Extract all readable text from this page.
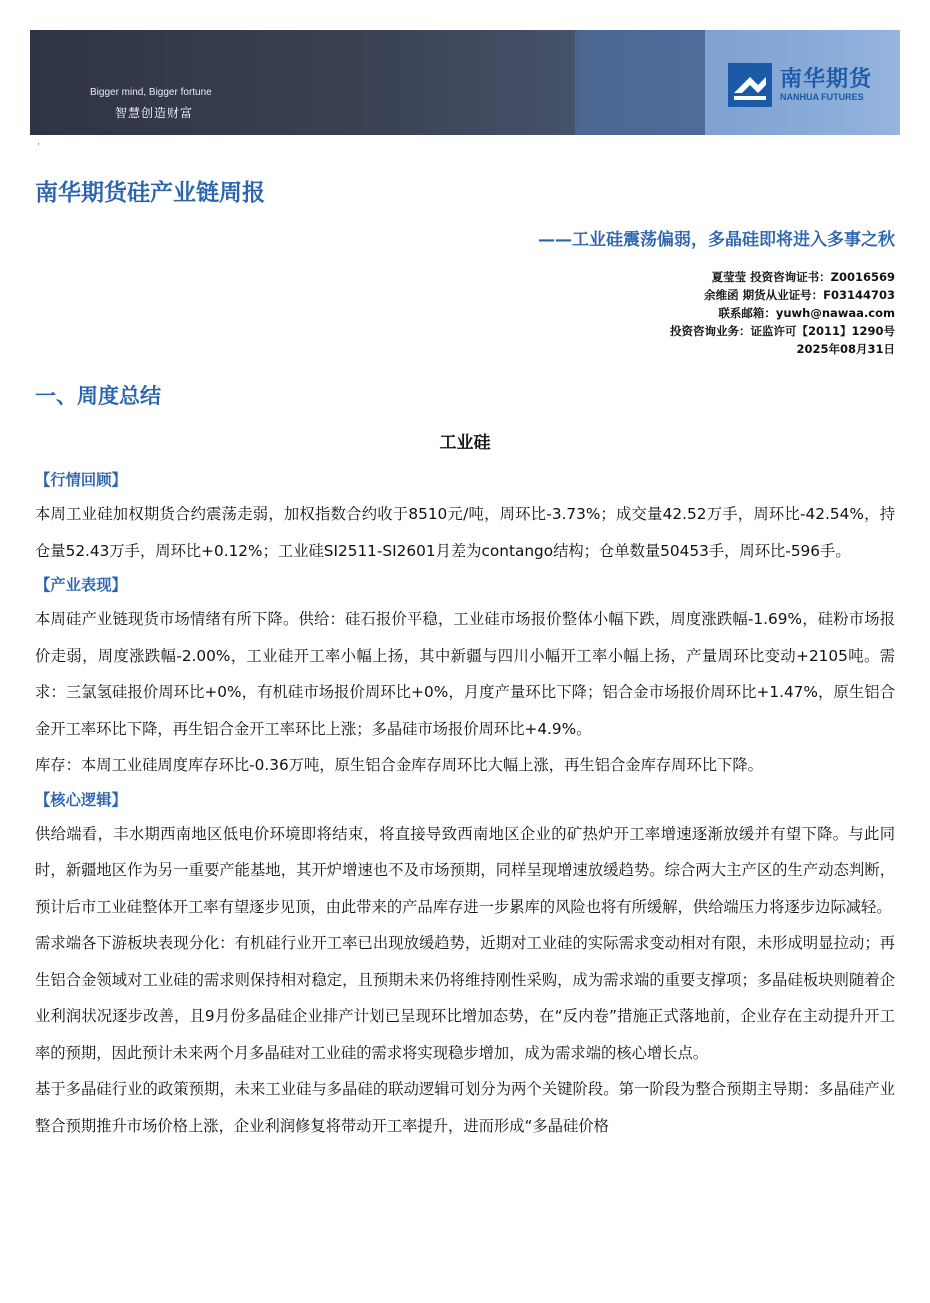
Bigger mind, Bigger fortune
智慧创造财富
南华期货
NANHUA FUTURES
·
南华期货硅产业链周报
——工业硅震荡偏弱，多晶硅即将进入多事之秋
夏莹莹 投资咨询证书：Z0016569
余维函 期货从业证号：F03144703
联系邮箱：yuwh@nawaa.com
投资咨询业务：证监许可【2011】1290号
2025年08月31日
一、周度总结
工业硅
【行情回顾】

本周工业硅加权期货合约震荡走弱，加权指数合约收于8510元/吨，周环比-3.73%；成交量42.52万手，周环比-42.54%，持仓量52.43万手，周环比+0.12%；工业硅SI2511-SI2601月差为contango结构；仓单数量50453手，周环比-596手。

【产业表现】

本周硅产业链现货市场情绪有所下降。供给：硅石报价平稳，工业硅市场报价整体小幅下跌，周度涨跌幅-1.69%，硅粉市场报价走弱，周度涨跌幅-2.00%，工业硅开工率小幅上扬，其中新疆与四川小幅开工率小幅上扬，产量周环比变动+2105吨。需求：三氯氢硅报价周环比+0%，有机硅市场报价周环比+0%，月度产量环比下降；铝合金市场报价周环比+1.47%，原生铝合金开工率环比下降，再生铝合金开工率环比上涨；多晶硅市场报价周环比+4.9%。

库存：本周工业硅周度库存环比-0.36万吨，原生铝合金库存周环比大幅上涨，再生铝合金库存周环比下降。

【核心逻辑】

供给端看，丰水期西南地区低电价环境即将结束，将直接导致西南地区企业的矿热炉开工率增速逐渐放缓并有望下降。与此同时，新疆地区作为另一重要产能基地，其开炉增速也不及市场预期，同样呈现增速放缓趋势。综合两大主产区的生产动态判断，预计后市工业硅整体开工率有望逐步见顶，由此带来的产品库存进一步累库的风险也将有所缓解，供给端压力将逐步边际减轻。

需求端各下游板块表现分化：有机硅行业开工率已出现放缓趋势，近期对工业硅的实际需求变动相对有限，未形成明显拉动；再生铝合金领域对工业硅的需求则保持相对稳定，且预期未来仍将维持刚性采购，成为需求端的重要支撑项；多晶硅板块则随着企业利润状况逐步改善，且9月份多晶硅企业排产计划已呈现环比增加态势，在“反内卷”措施正式落地前，企业存在主动提升开工率的预期，因此预计未来两个月多晶硅对工业硅的需求将实现稳步增加，成为需求端的核心增长点。

基于多晶硅行业的政策预期，未来工业硅与多晶硅的联动逻辑可划分为两个关键阶段。第一阶段为整合预期主导期：多晶硅产业整合预期推升市场价格上涨，企业利润修复将带动开工率提升，进而形成“多晶硅价格
